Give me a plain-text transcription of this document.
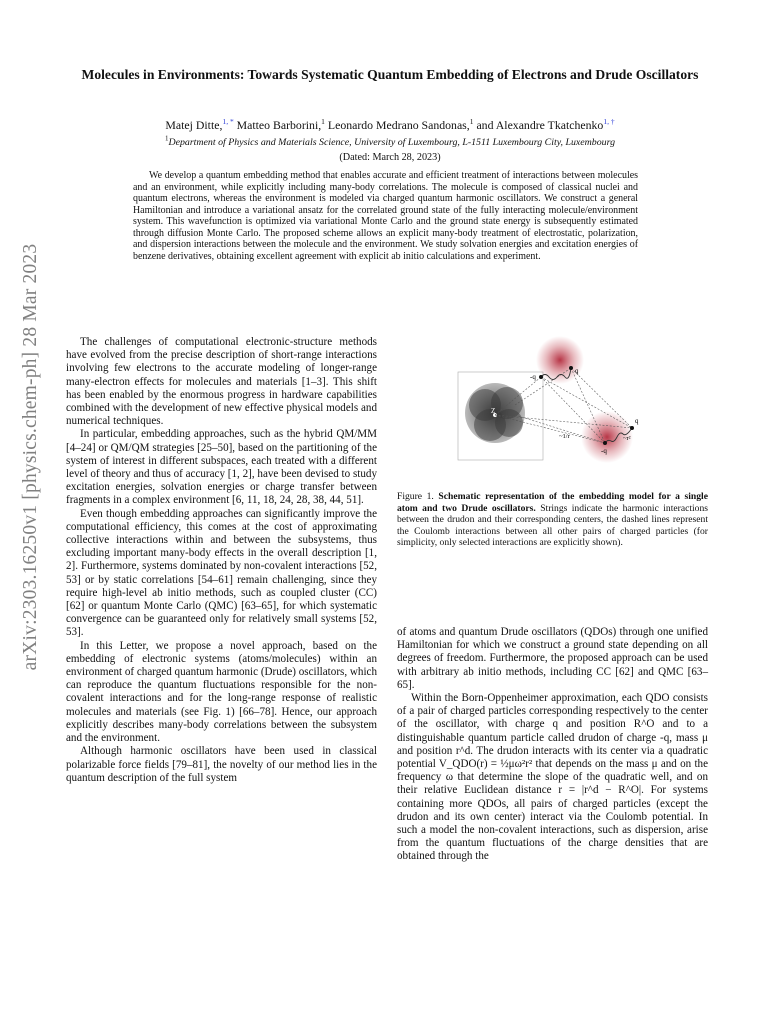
arXiv:2303.16250v1 [physics.chem-ph] 28 Mar 2023
Molecules in Environments: Towards Systematic Quantum Embedding of Electrons and Drude Oscillators
Matej Ditte,$^{1, *}$ Matteo Barborini,$^1$ Leonardo Medrano Sandonas,$^1$ and Alexandre Tkatchenko$^{1, \dagger}$
$^1$Department of Physics and Materials Science, University of Luxembourg, L-1511 Luxembourg City, Luxembourg
(Dated: March 28, 2023)
We develop a quantum embedding method that enables accurate and efficient treatment of interactions between molecules and an environment, while explicitly including many-body correlations. The molecule is composed of classical nuclei and quantum electrons, whereas the environment is modeled via charged quantum harmonic oscillators. We construct a general Hamiltonian and introduce a variational ansatz for the correlated ground state of the fully interacting molecule/environment system. This wavefunction is optimized via variational Monte Carlo and the ground state energy is subsequently estimated through diffusion Monte Carlo. The proposed scheme allows an explicit many-body treatment of electrostatic, polarization, and dispersion interactions between the molecule and the environment. We study solvation energies and excitation energies of benzene derivatives, obtaining excellent agreement with explicit ab initio calculations and experiment.

The challenges of computational electronic-structure methods have evolved from the precise description of short-range interactions involving few electrons to the accurate modeling of longer-range many-electron effects for molecules and materials [1–3]. This shift has been enabled by the enormous progress in hardware capabilities combined with the development of new effective physical models and numerical techniques.

In particular, embedding approaches, such as the hybrid QM/MM [4–24] or QM/QM strategies [25–50], based on the partitioning of the system of interest in different subspaces, each treated with a different level of theory and thus of accuracy [1, 2], have been devised to study excitation energies, solvation energies or charge transfer between fragments in a complex environment [6, 11, 18, 24, 28, 38, 44, 51].

Even though embedding approaches can significantly improve the computational efficiency, this comes at the cost of approximating collective interactions within and between the subsystems, thus excluding important many-body effects in the overall description [1, 2]. Furthermore, systems dominated by non-covalent interactions [52, 53] or by static correlations [54–61] remain challenging, since they require high-level ab initio methods, such as coupled cluster (CC) [62] or quantum Monte Carlo (QMC) [63–65], for which systematic convergence can be guaranteed only for relatively small systems [52, 53].

In this Letter, we propose a novel approach, based on the embedding of electronic systems (atoms/molecules) within an environment of charged quantum harmonic (Drude) oscillators, which can reproduce the quantum fluctuations responsible for the non-covalent interactions and for the long-range response of realistic molecules and materials (see Fig. 1) [66–78]. Hence, our approach explicitly describes many-body correlations between the subsystem and the environment.

Although harmonic oscillators have been used in classical polarizable force fields [79–81], the novelty of our method lies in the quantum description of the full system

-q
q
q
-q
Z
~1/r	~r²
Figure 1. Schematic representation of the embedding model for a single atom and two Drude oscillators. Strings indicate the harmonic interactions between the drudon and their corresponding centers, the dashed lines represent the Coulomb interactions between all other pairs of charged particles (for simplicity, only selected interactions are explicitly shown).

of atoms and quantum Drude oscillators (QDOs) through one unified Hamiltonian for which we construct a ground state depending on all degrees of freedom. Furthermore, the proposed approach can be used with arbitrary ab initio methods, including CC [62] and QMC [63–65].

Within the Born-Oppenheimer approximation, each QDO consists of a pair of charged particles corresponding respectively to the center of the oscillator, with charge q and position R^O and to a distinguishable quantum particle called drudon of charge -q, mass μ and position r^d. The drudon interacts with its center via a quadratic potential V_QDO(r) = ½μω²r² that depends on the mass μ and on the frequency ω that determine the slope of the quadratic well, and on their relative Euclidean distance r = |r^d − R^O|. For systems containing more QDOs, all pairs of charged particles (except the drudon and its own center) interact via the Coulomb potential. In such a model the non-covalent interactions, such as dispersion, arise from the quantum fluctuations of the charge densities that are obtained through the
